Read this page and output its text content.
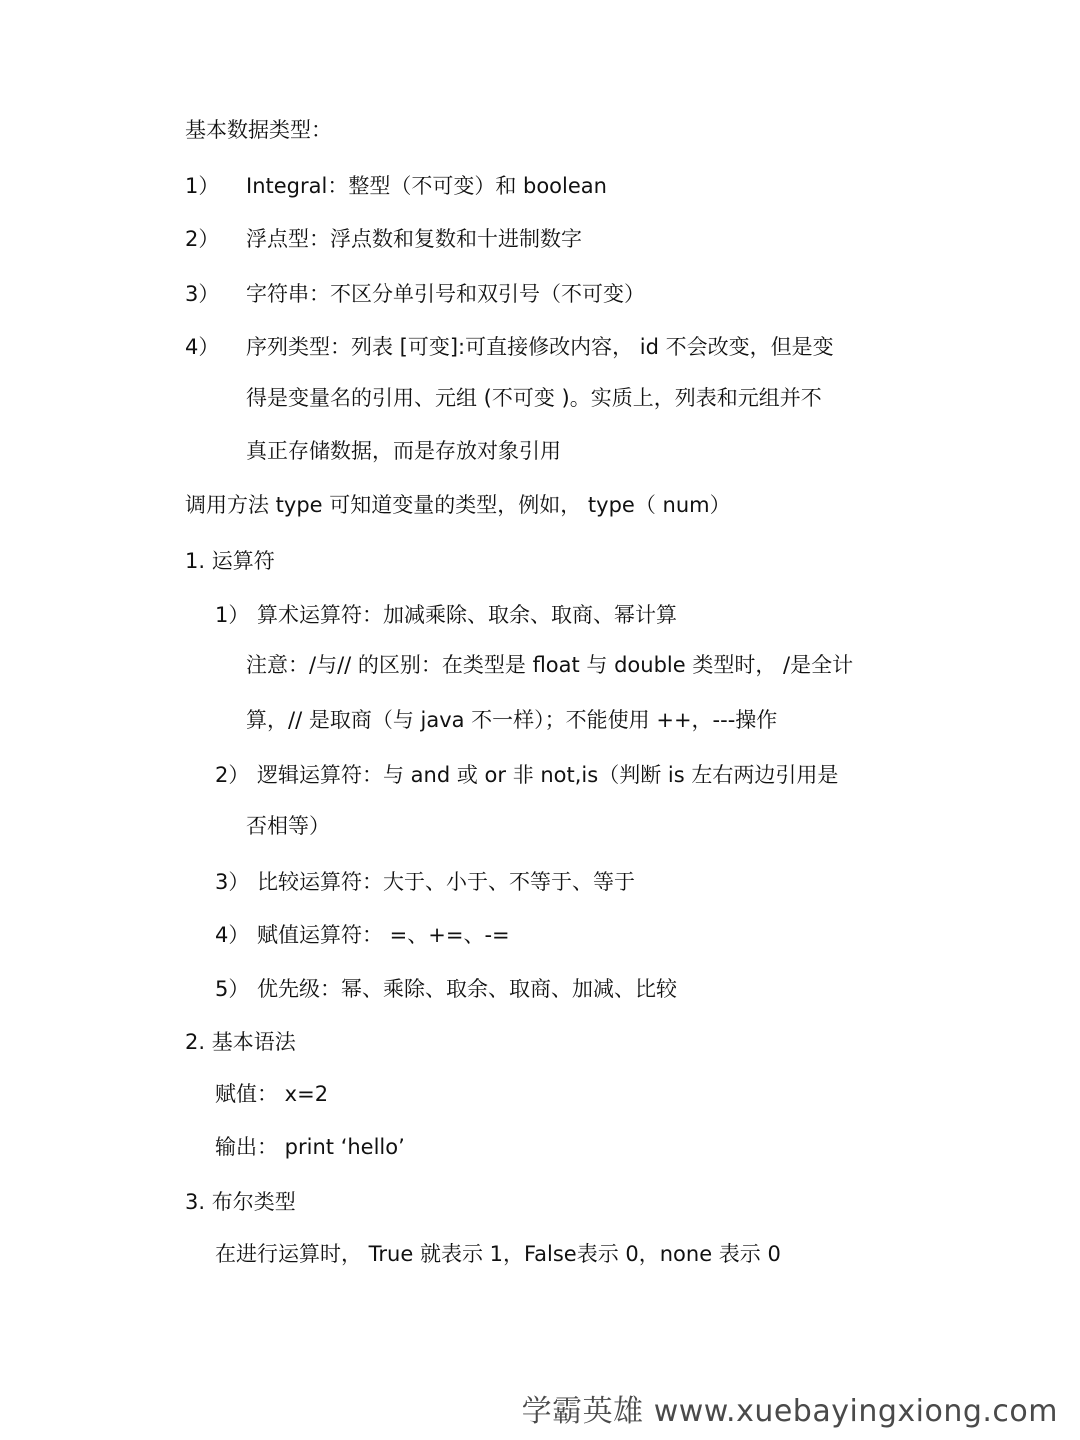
基本数据类型：
1） Integral：整型（不可变）和 boolean
2） 浮点型：浮点数和复数和十进制数字
3） 字符串：不区分单引号和双引号（不可变）
4） 序列类型：列表 [可变]:可直接修改内容， id 不会改变，但是变
得是变量名的引用、元组 (不可变 )。实质上，列表和元组并不
真正存储数据，而是存放对象引用
调用方法 type 可知道变量的类型，例如， type（ num）
1. 运算符
1） 算术运算符：加减乘除、取余、取商、幂计算
注意：/与// 的区别：在类型是 float 与 double 类型时， /是全计
算，// 是取商（与 java 不一样）；不能使用 ++，---操作
2） 逻辑运算符：与 and 或 or 非 not,is（判断 is 左右两边引用是
否相等）
3） 比较运算符：大于、小于、不等于、等于
4） 赋值运算符： =、+=、-=
5） 优先级：幂、乘除、取余、取商、加减、比较
2. 基本语法
赋值： x=2
输出： print ‘hello’
3. 布尔类型
在进行运算时， True 就表示 1，False表示 0，none 表示 0
学霸英雄 www.xuebayingxiong.com
